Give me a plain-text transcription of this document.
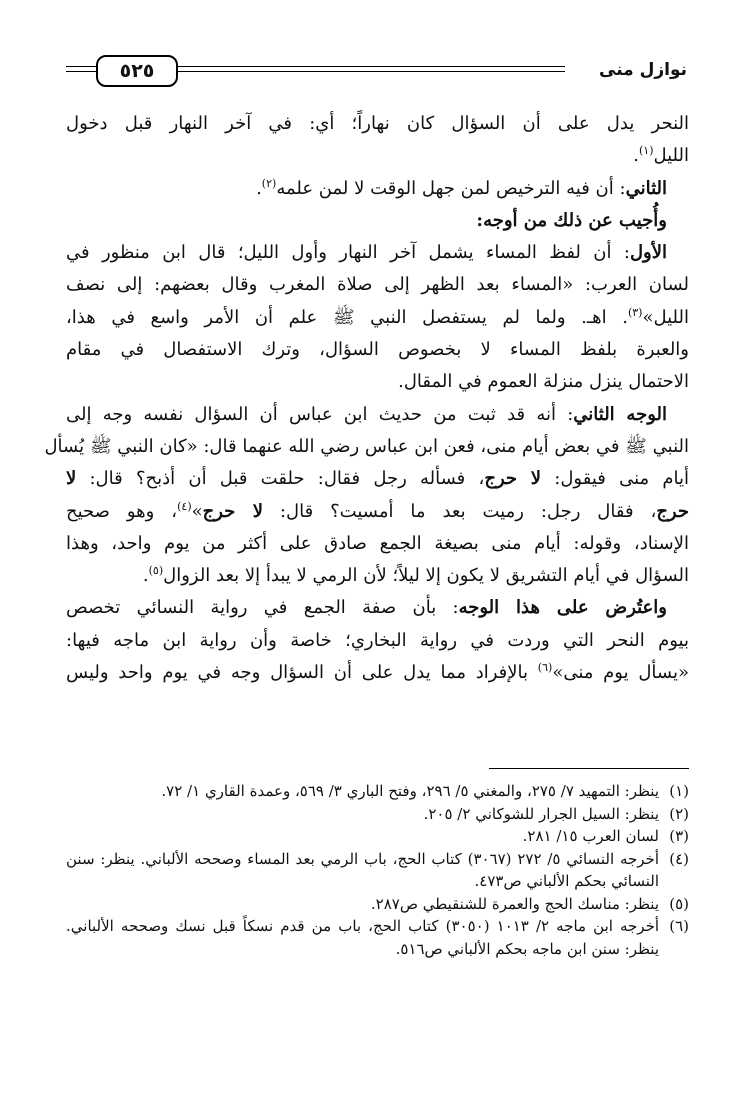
نوازل منى
٥٢٥
النحر يدل على أن السؤال كان نهاراً؛ أي: في آخر النهار قبل دخول
الليل$^{(١)}$.
الثاني: أن فيه الترخيص لمن جهل الوقت لا لمن علمه$^{(٢)}$.
وأُجيب عن ذلك من أوجه:
الأول: أن لفظ المساء يشمل آخر النهار وأول الليل؛ قال ابن منظور في
لسان العرب: «المساء بعد الظهر إلى صلاة المغرب وقال بعضهم: إلى نصف
الليل»$^{(٣)}$. اهـ. ولما لم يستفصل النبي ﷺ علم أن الأمر واسع في هذا،
والعبرة بلفظ المساء لا بخصوص السؤال، وترك الاستفصال في مقام
الاحتمال ينزل منزلة العموم في المقال.
الوجه الثاني: أنه قد ثبت من حديث ابن عباس أن السؤال نفسه وجه إلى
النبي ﷺ في بعض أيام منى، فعن ابن عباس رضي الله عنهما قال: «كان النبي ﷺ يُسأل
أيام منى فيقول: لا حرج، فسأله رجل فقال: حلقت قبل أن أذبح؟ قال: لا
حرج، فقال رجل: رميت بعد ما أمسيت؟ قال: لا حرج»$^{(٤)}$، وهو صحيح
الإسناد، وقوله: أيام منى بصيغة الجمع صادق على أكثر من يوم واحد، وهذا
السؤال في أيام التشريق لا يكون إلا ليلاً؛ لأن الرمي لا يبدأ إلا بعد الزوال$^{(٥)}$.
واعتُرض على هذا الوجه: بأن صفة الجمع في رواية النسائي تخصص
بيوم النحر التي وردت في رواية البخاري؛ خاصة وأن رواية ابن ماجه فيها:
«يسأل يوم منى»$^{(٦)}$ بالإفراد مما يدل على أن السؤال وجه في يوم واحد وليس
(١)
ينظر: التمهيد ٧/ ٢٧٥، والمغني ٥/ ٢٩٦، وفتح الباري ٣/ ٥٦٩، وعمدة القاري ١/ ٧٢.
(٢)
ينظر: السيل الجرار للشوكاني ٢/ ٢٠٥.
(٣)
لسان العرب ١٥/ ٢٨١.
(٤)
أخرجه النسائي ٥/ ٢٧٢ (٣٠٦٧) كتاب الحج، باب الرمي بعد المساء وصححه الألباني. ينظر: سنن النسائي بحكم الألباني ص٤٧٣.
(٥)
ينظر: مناسك الحج والعمرة للشنقيطي ص٢٨٧.
(٦)
أخرجه ابن ماجه ٢/ ١٠١٣ (٣٠٥٠) كتاب الحج، باب من قدم نسكاً قبل نسك وصححه الألباني. ينظر: سنن ابن ماجه بحكم الألباني ص٥١٦.
